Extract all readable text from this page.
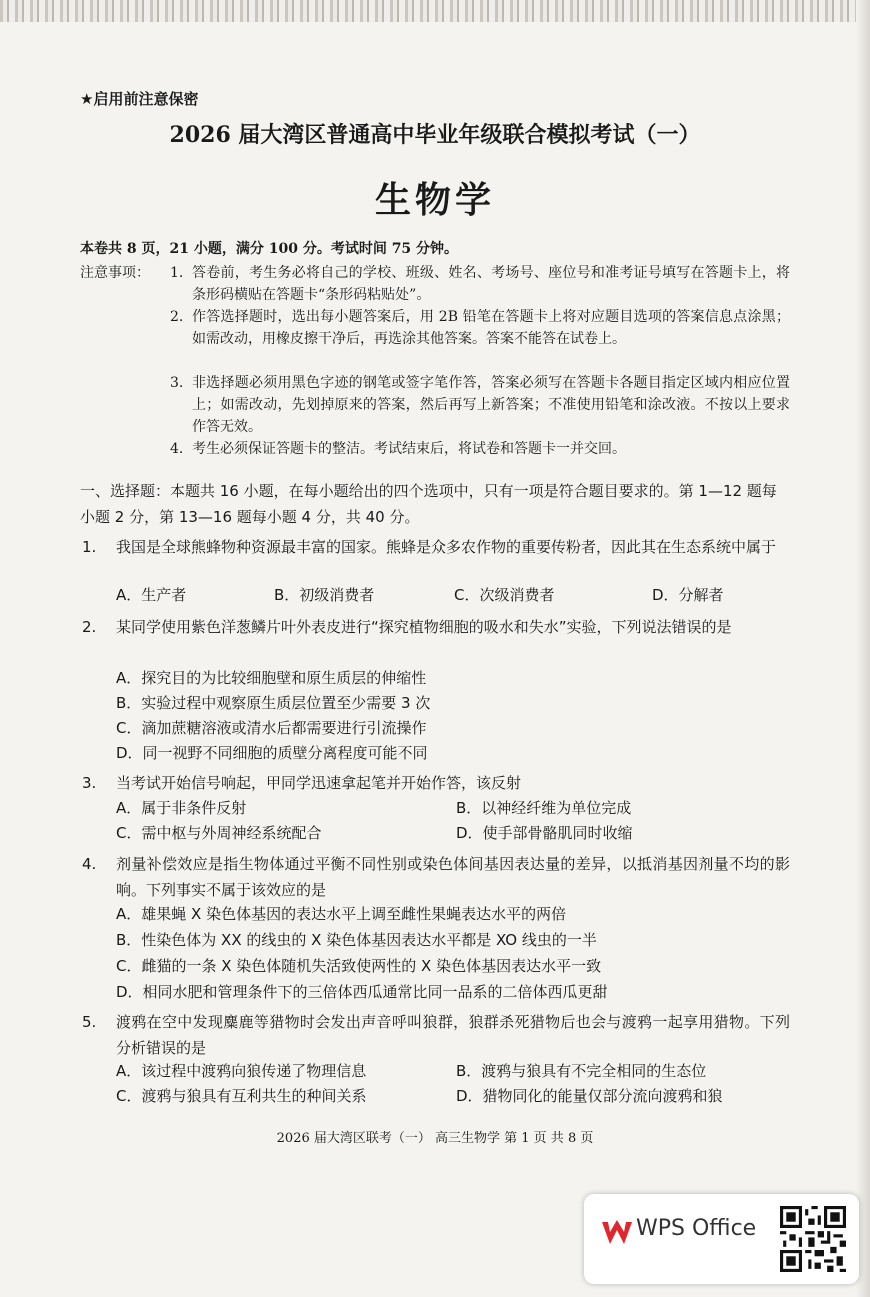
★启用前注意保密
2026 届大湾区普通高中毕业年级联合模拟考试（一）
生物学
本卷共 8 页，21 小题，满分 100 分。考试时间 75 分钟。
注意事项： 1. 答卷前，考生务必将自己的学校、班级、姓名、考场号、座位号和准考证号填写在答题卡上，将条形码横贴在答题卡“条形码粘贴处”。
2. 作答选择题时，选出每小题答案后，用 2B 铅笔在答题卡上将对应题目选项的答案信息点涂黑；如需改动，用橡皮擦干净后，再选涂其他答案。答案不能答在试卷上。
3. 非选择题必须用黑色字迹的钢笔或签字笔作答，答案必须写在答题卡各题目指定区域内相应位置上；如需改动，先划掉原来的答案，然后再写上新答案；不准使用铅笔和涂改液。不按以上要求作答无效。
4. 考生必须保证答题卡的整洁。考试结束后，将试卷和答题卡一并交回。
一、选择题：本题共 16 小题，在每小题给出的四个选项中，只有一项是符合题目要求的。第 1—12 题每小题 2 分，第 13—16 题每小题 4 分，共 40 分。
1. 我国是全球熊蜂物种资源最丰富的国家。熊蜂是众多农作物的重要传粉者，因此其在生态系统中属于
A．生产者	B．初级消费者	C．次级消费者	D．分解者
2. 某同学使用紫色洋葱鳞片叶外表皮进行“探究植物细胞的吸水和失水”实验，下列说法错误的是
A．探究目的为比较细胞壁和原生质层的伸缩性
B．实验过程中观察原生质层位置至少需要 3 次
C．滴加蔗糖溶液或清水后都需要进行引流操作
D．同一视野不同细胞的质壁分离程度可能不同
3. 当考试开始信号响起，甲同学迅速拿起笔并开始作答，该反射
A．属于非条件反射	B．以神经纤维为单位完成
C．需中枢与外周神经系统配合	D．使手部骨骼肌同时收缩
4. 剂量补偿效应是指生物体通过平衡不同性别或染色体间基因表达量的差异，以抵消基因剂量不均的影响。下列事实不属于该效应的是
A．雄果蝇 X 染色体基因的表达水平上调至雌性果蝇表达水平的两倍
B．性染色体为 XX 的线虫的 X 染色体基因表达水平都是 XO 线虫的一半
C．雌猫的一条 X 染色体随机失活致使两性的 X 染色体基因表达水平一致
D．相同水肥和管理条件下的三倍体西瓜通常比同一品系的二倍体西瓜更甜
5. 渡鸦在空中发现麋鹿等猎物时会发出声音呼叫狼群，狼群杀死猎物后也会与渡鸦一起享用猎物。下列分析错误的是
A．该过程中渡鸦向狼传递了物理信息	B．渡鸦与狼具有不完全相同的生态位
C．渡鸦与狼具有互利共生的种间关系	D．猎物同化的能量仅部分流向渡鸦和狼
2026 届大湾区联考（一） 高三生物学 第 1 页 共 8 页
WPS Office
